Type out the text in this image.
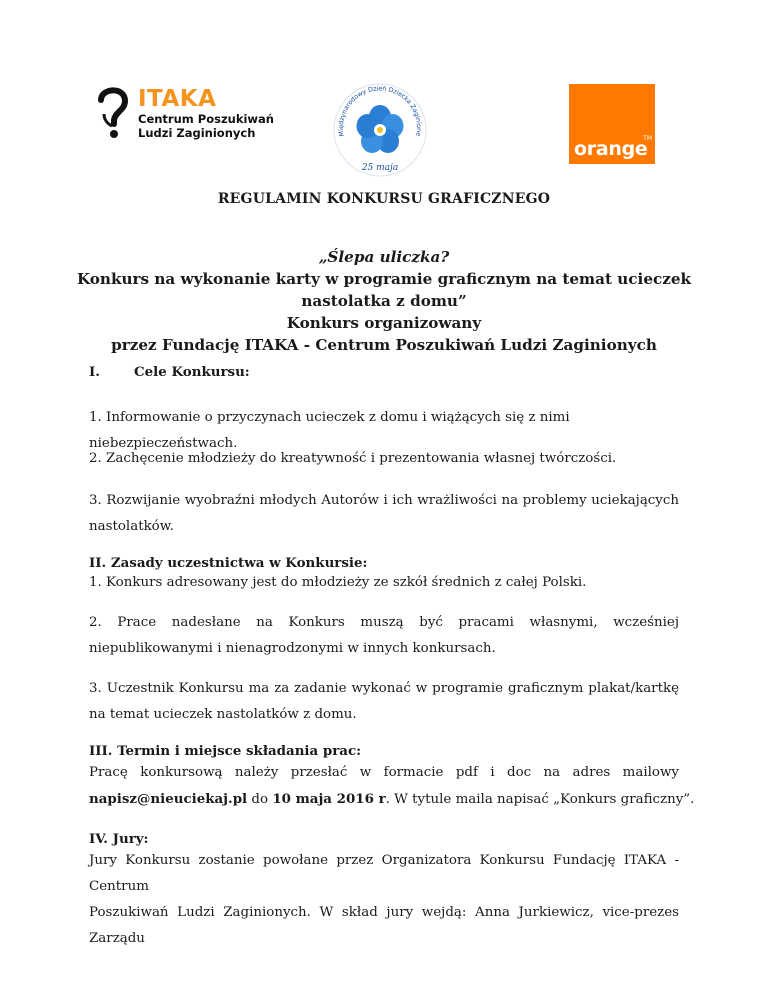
ITAKA
Centrum Poszukiwań
Ludzi Zaginionych	Międzynarodowy Dzień Dziecka Zaginione
25 maja
TM
orange
REGULAMIN KONKURSU GRAFICZNEGO
„Ślepa uliczka?
Konkurs na wykonanie karty w programie graficznym na temat ucieczek
nastolatka z domu”
Konkurs organizowany
przez Fundację ITAKA - Centrum Poszukiwań Ludzi Zaginionych
I.	Cele Konkursu:
1. Informowanie o przyczynach ucieczek z domu i wiążących się z nimi niebezpieczeństwach.
2. Zachęcenie młodzieży do kreatywność i prezentowania własnej twórczości.
3. Rozwijanie wyobraźni młodych Autorów i ich wrażliwości na problemy uciekających nastolatków.
II. Zasady uczestnictwa w Konkursie:
1. Konkurs adresowany jest do młodzieży ze szkół średnich z całej Polski.
2. Prace nadesłane na Konkurs muszą być pracami własnymi, wcześniej niepublikowanymi i nienagrodzonymi w innych konkursach.
3. Uczestnik Konkursu ma za zadanie wykonać w programie graficznym plakat/kartkę na temat ucieczek nastolatków z domu.
III. Termin i miejsce składania prac:
Pracę konkursową należy przesłać w formacie pdf i doc na adres mailowy
napisz@nieuciekaj.pl do 10 maja 2016 r. W tytule maila napisać „Konkurs graficzny”.
IV. Jury:
Jury Konkursu zostanie powołane przez Organizatora Konkursu Fundację ITAKA - Centrum
Poszukiwań Ludzi Zaginionych. W skład jury wejdą: Anna Jurkiewicz, vice-prezes Zarządu
